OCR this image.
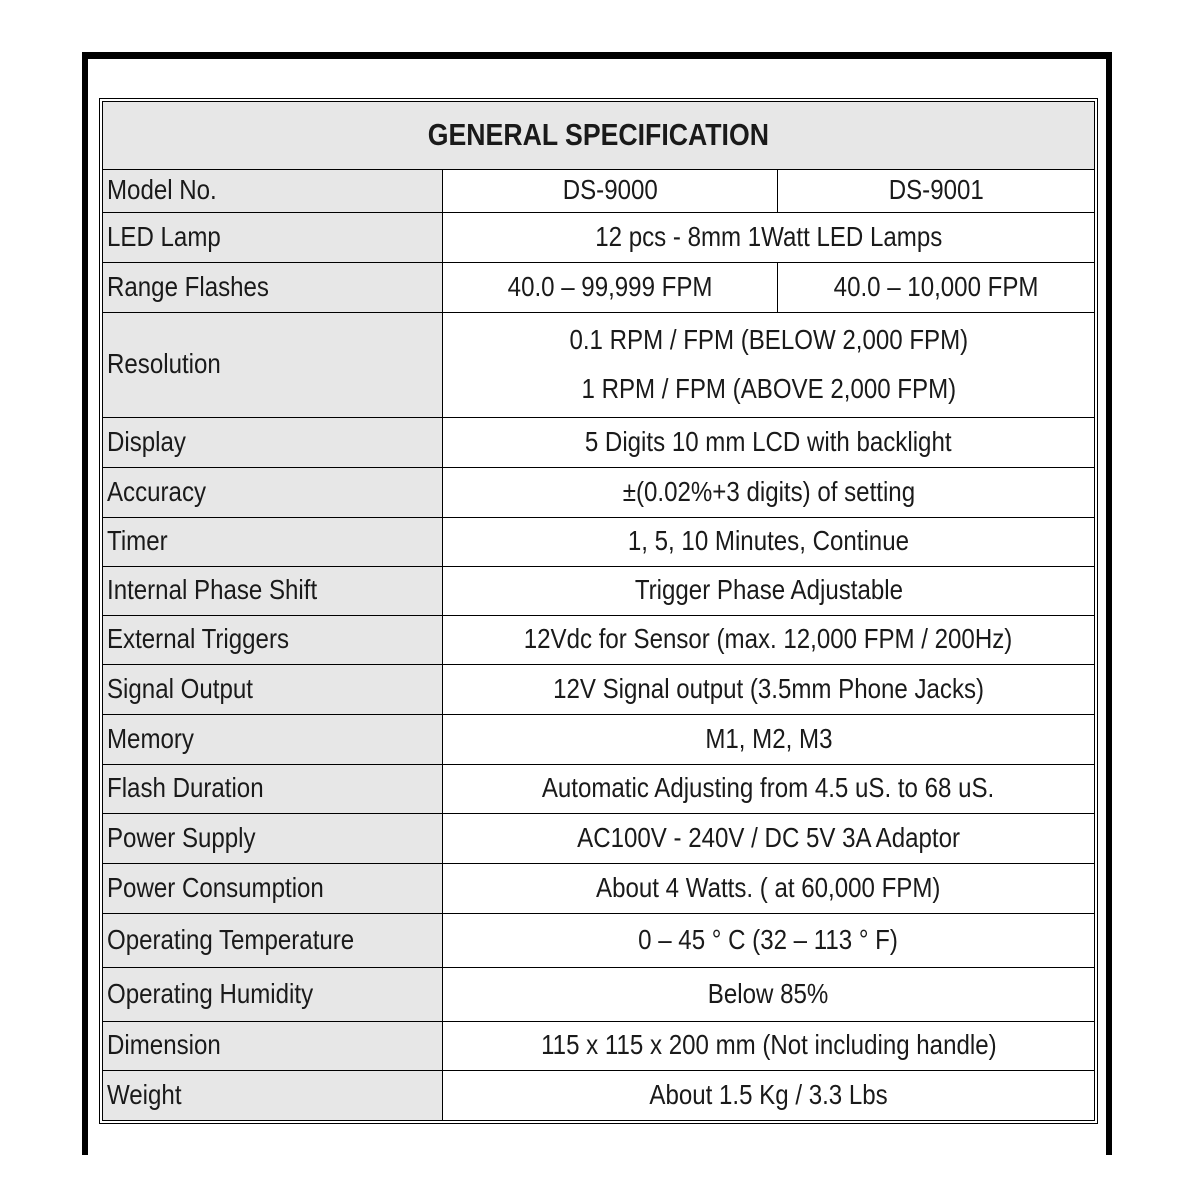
GENERAL SPECIFICATION		
Model No.	DS-9000	DS-9001
LED Lamp	12 pcs - 8mm 1Watt LED Lamps	
Range Flashes	40.0 – 99,999 FPM	40.0 – 10,000 FPM
Resolution	0.1 RPM / FPM (BELOW 2,000 FPM)
1 RPM / FPM (ABOVE 2,000 FPM)	

Display	5 Digits 10 mm LCD with backlight	
Accuracy	±(0.02%+3 digits) of setting	
Timer	1, 5, 10 Minutes, Continue	
Internal Phase Shift	Trigger Phase Adjustable	
External Triggers	12Vdc for Sensor (max. 12,000 FPM / 200Hz)	
Signal Output	12V Signal output (3.5mm Phone Jacks)	
Memory	M1, M2, M3	
Flash Duration	Automatic Adjusting from 4.5 uS. to 68 uS.	
Power Supply	AC100V - 240V / DC 5V 3A Adaptor	
Power Consumption	About 4 Watts. ( at 60,000 FPM)	
Operating Temperature	0 – 45 ° C (32 – 113 ° F)	
Operating Humidity	Below 85%	
Dimension	115 x 115 x 200 mm (Not including handle)	
Weight	About 1.5 Kg / 3.3 Lbs	
